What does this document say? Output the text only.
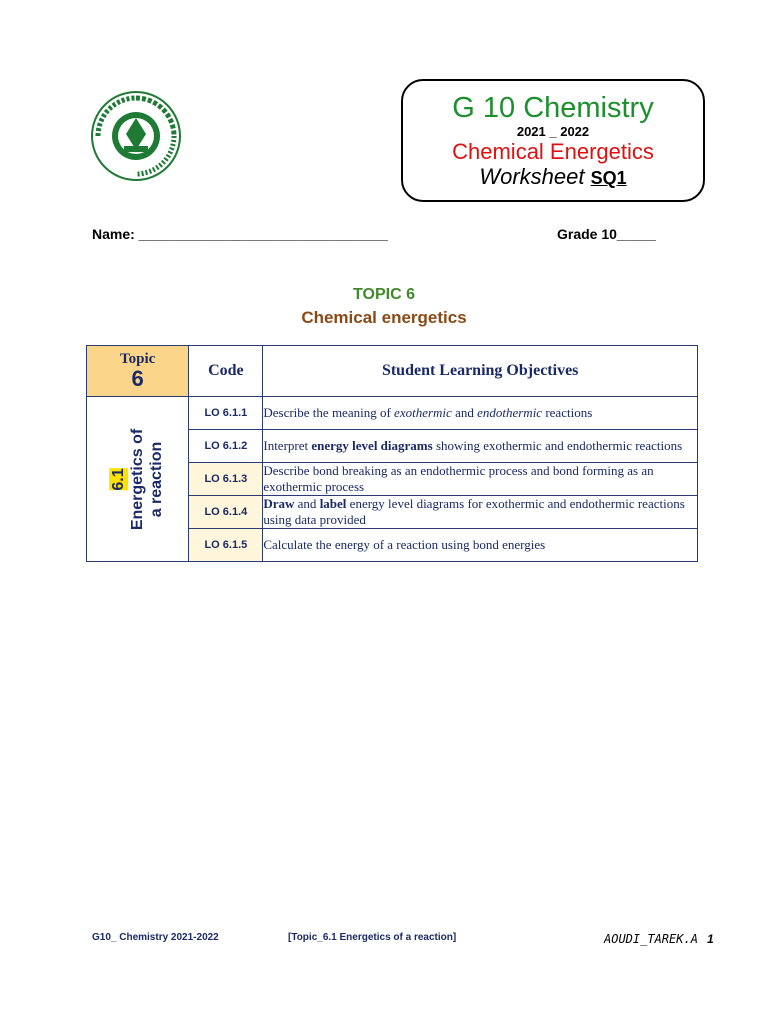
G 10 Chemistry
2021 _ 2022
Chemical Energetics
Worksheet SQ1
Name: ________________________________	Grade 10_____
TOPIC 6
Chemical energetics
Topic
6	Code	Student Learning Objectives

6.1 Energetics of a reaction	LO 6.1.1	Describe the meaning of exothermic and endothermic reactions
	LO 6.1.2	Interpret energy level diagrams showing exothermic and endothermic reactions
	LO 6.1.3	Describe bond breaking as an endothermic process and bond forming as an exothermic process
	LO 6.1.4	Draw and label energy level diagrams for exothermic and endothermic reactions using data provided
	LO 6.1.5	Calculate the energy of a reaction using bond energies
G10_ Chemistry 2021-2022	[Topic_6.1 Energetics of a reaction]	AOUDI_TAREK.A 1
